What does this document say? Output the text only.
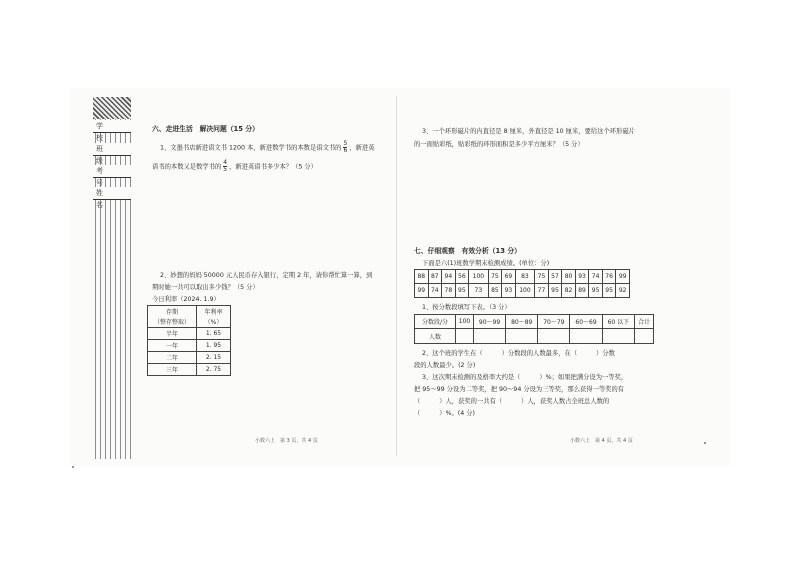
学 校
班 级
考 号
姓 名
六、走进生活　解决问题（15 分）
1、文墨书店新进语文书 1200 本，新进数学书的本数是语文书的 $\frac{5}{6}$ ，新进英
语书的本数又是数学书的 $\frac{4}{5}$ ，新进英语书多少本？（5 分）
2、妙想的妈妈 50000 元人民币存入银行，定期 2 年，请你帮忙算一算，到
期时她一共可以取出多少钱？（5 分）
今日利率（2024. 1.9）
存期	年利率
（整存整取）	（%）
半年	1. 65
一年	1. 95
二年	2. 15
三年	2. 75
小数六上　第 3 页，共 4 页
3、一个环形磁片的内直径是 8 厘米，外直径是 10 厘米，要给这个环形磁片
的一面贴彩纸，贴彩纸的环形面积是多少平方厘米？（5 分）
七、仔细观察　有效分析（13 分）
下面是六(1)班数学期末检测成绩。(单位：分)
88	87	94	56	100	75	69	83	75	57	80	93	74	76	99
99	74	78	95	73	85	93	100	77	95	82	89	95	95	92
1、按分数段填写下表。（3 分）
分数段/分	100	90～99	80～89	70～79	60～69	60 以下	合计
人数							
2、这个班的学生在（　　　）分数段的人数最多，在（　　　）分数
段的人数最少。(2 分)
3、这次期末检测的及格率大约是（　　　）%；如果把满分设为一等奖，
把 95～99 分设为二等奖，把 90～94 分设为三等奖，那么获得一等奖的有
（　　　）人，获奖的一共有（　　　）人，获奖人数占全班总人数的
（　　　）%。(4 分)
小数六上　第 4 页，共 4 页
